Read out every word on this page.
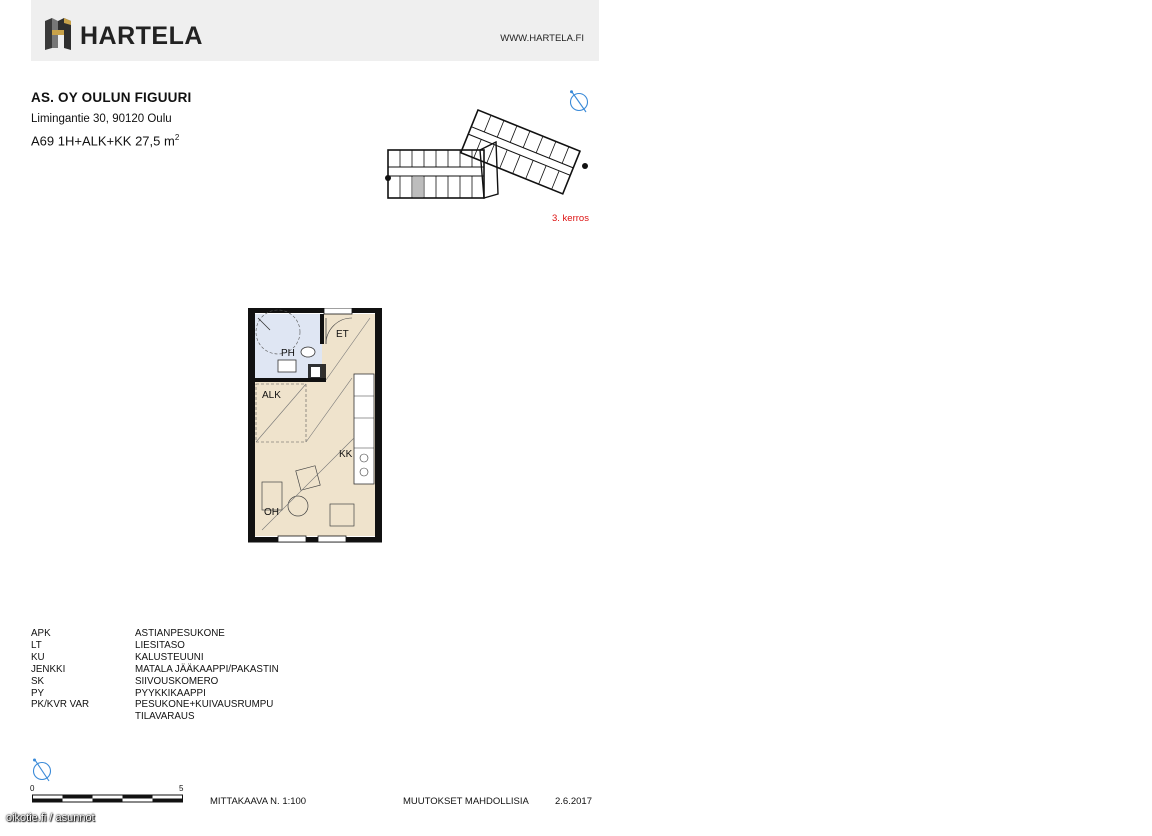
WWW.HARTELA.FI
HARTELA
AS. OY OULUN FIGUURI
Limingantie 30, 90120 Oulu
A69 1H+ALK+KK 27,5 $m^2$
3. kerros
PH
ET
ALK
KK
OH
APK	ASTIANPESUKONE
LT	LIESITASO
KU	KALUSTEUUNI
JENKKI	MATALA JÄÄKAAPPI/PAKASTIN
SK	SIIVOUSKOMERO
PY	PYYKKIKAAPPI
PK/KVR VAR	PESUKONE+KUIVAUSRUMPU
TILAVARAUS
0	5
MITTAKAAVA N. 1:100	MUUTOKSET MAHDOLLISIA	2.6.2017
oikotie.fi / asunnot
